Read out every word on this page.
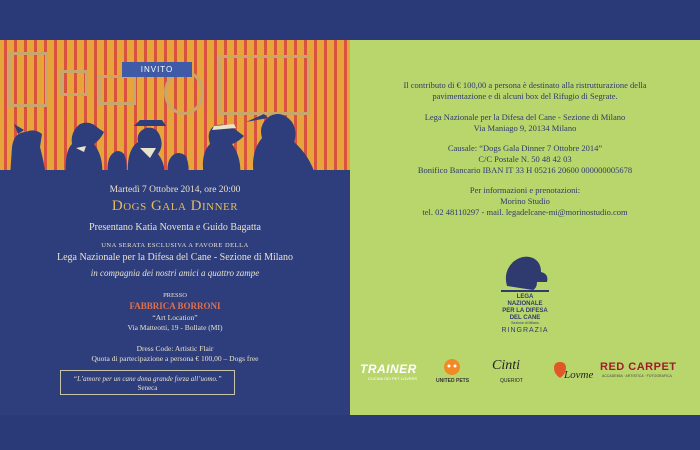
INVITO
Martedì 7 Ottobre 2014, ore 20:00
Dogs Gala Dinner
Presentano Katia Noventa e Guido Bagatta
UNA SERATA ESCLUSIVA A FAVORE DELLA
Lega Nazionale per la Difesa del Cane - Sezione di Milano
in compagnia dei nostri amici a quattro zampe
PRESSO
FABBRICA BORRONI
“Art Location”
Via Matteotti, 19 - Bollate (MI)
Dress Code: Artistic Flair
Quota di partecipazione a persona € 100,00 – Dogs free
“L’amore per un cane dona grande forza all’uomo.”
Seneca
Il contributo di € 100,00 a persona è destinato alla ristrutturazione della
pavimentazione e di alcuni box del Rifugio di Segrate.
Lega Nazionale per la Difesa del Cane - Sezione di Milano
Via Maniago 9, 20134 Milano
Causale: “Dogs Gala Dinner 7 Ottobre 2014”
C/C Postale N. 50 48 42 03
Bonifico Bancario IBAN IT 33 H 05216 20600 000000005678
Per informazioni e prenotazioni:
Morino Studio
tel. 02 48110297 - mail. legadelcane-mi@morinostudio.com
LEGA
NAZIONALE
PER LA DIFESA
DEL CANE
Sezione di Milano
RINGRAZIA
TRAINER
CUCINA DEI PET LOVERS	UNITED PETS
Cinti
QUERIOT	Lovme
RED CARPET
ACCADEMIA · ARTISTICA · FOTOGRAFICA
